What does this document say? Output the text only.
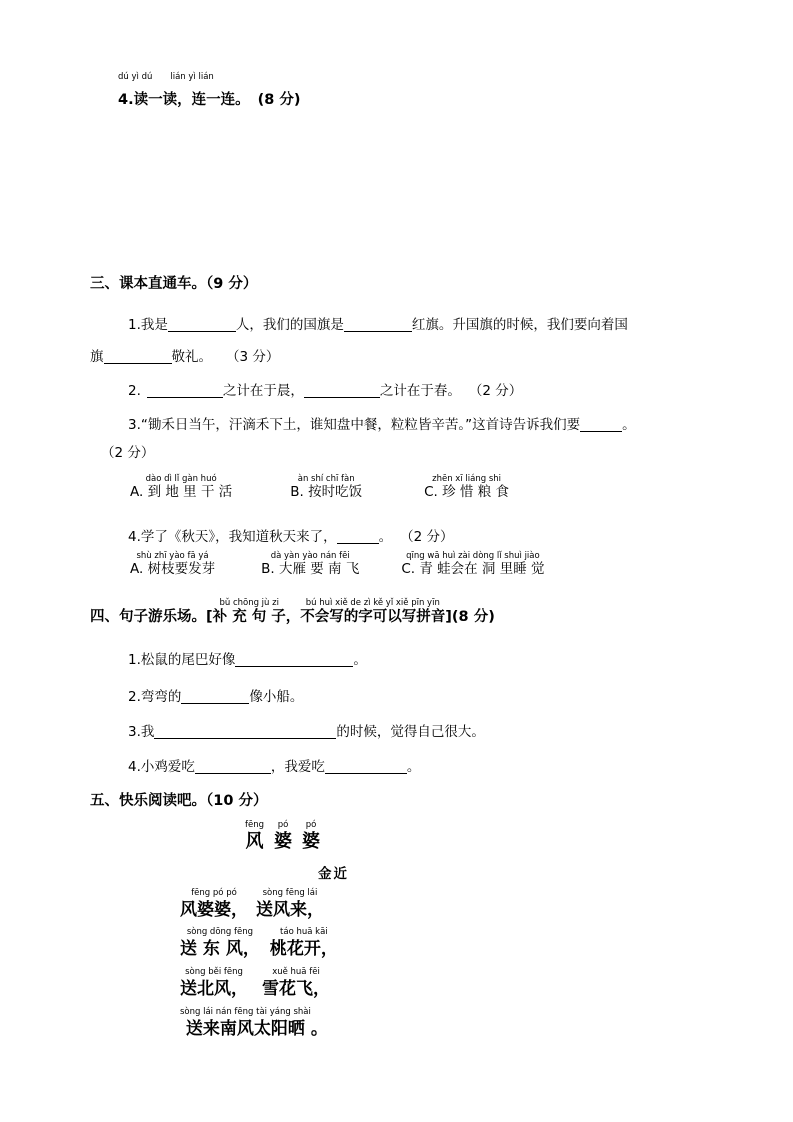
dú yì dú lián yì lián
4. 读一读，连一连。 (8 分)
三、课本直通车。（9 分）
1.我是	人，我们的国旗是	红旗。升国旗的时候，我们要向着国
旗	敬礼。 （3 分）
2.	之计在于晨，	之计在于春。 （2 分）
3.“锄禾日当午，汗滴禾下土，谁知盘中餐，粒粒皆辛苦。”这首诗告诉我们要	。
（2 分）
dào dì lǐ gàn huó
A. 到 地 里 干 活
àn shí chī fàn
B. 按时吃饭
zhēn xī liáng shi
C. 珍 惜 粮 食
4.学了《秋天》，我知道秋天来了，	。 （2 分）
shù zhī yào fā yá
A. 树枝要发芽
dà yàn yào nán fēi
B. 大雁 要 南 飞
qīng wā huì zài dòng lǐ shuì jiào
C. 青 蛙会在 洞 里睡 觉
四、句子游乐场。[
bǔ chōng jù zi
补 充 句 子 ，
bú huì xiě de zì kě yǐ xiě pīn yīn
不会写的字可以写拼音 ](8 分)
1.松鼠的尾巴好像	。
2.弯弯的	像小船。
3.我	的时候，觉得自己很大。
4.小鸡爱吃	，我爱吃	。
五、快乐阅读吧。（10 分）
fēng
风
pó
婆
pó
婆
金近
fēng pó pó
风婆婆，
sòng fēng lái
送风来，
sòng dōng fēng
送 东 风，
táo huā kāi
桃花开，
sòng běi fēng
送北风，
xuě huā fēi
雪花飞，
sòng lái nán fēng tài yáng shài
送来南风太阳晒 。
